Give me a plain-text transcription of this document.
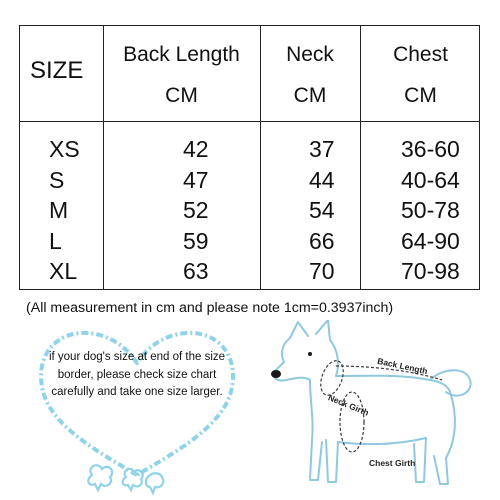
SIZE
XS
S
M
L
XL
Back Length
CM
42
47
52
59
63
Neck
CM
37
44
54
66
70
Chest
CM
36-60
40-64
50-78
64-90
70-98
(All measurement in cm and please note 1cm=0.3937inch)
if your dog's size at end of the size border, please check size chart carefully and take one size larger.
Back Length
Neck Girth
Chest Girth
